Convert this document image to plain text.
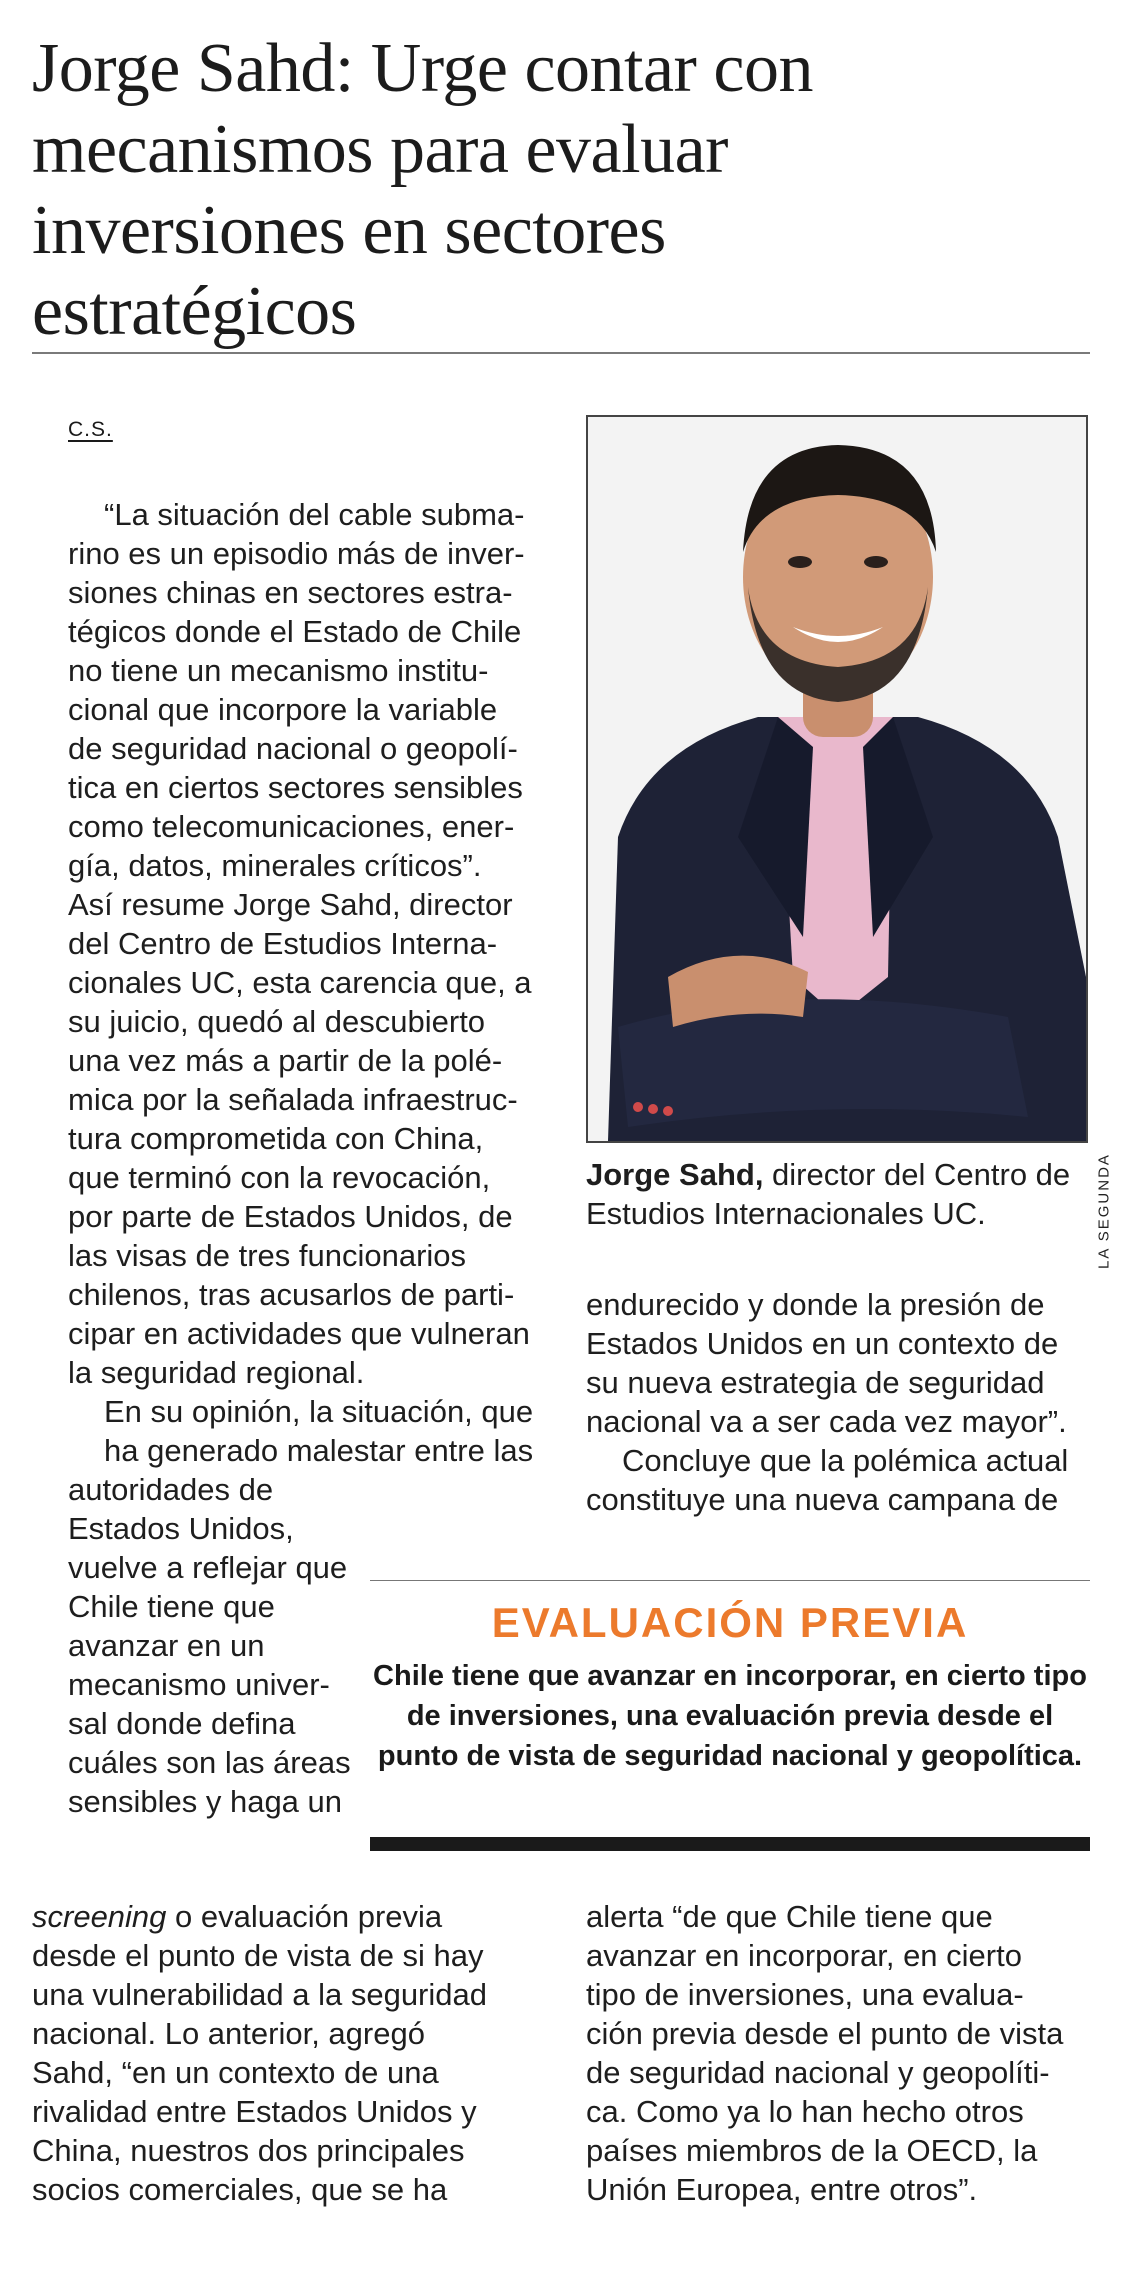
Jorge Sahd: Urge contar con
mecanismos para evaluar
inversiones en sectores
estratégicos
C.S.
“La situación del cable subma-
rino es un episodio más de inver-
siones chinas en sectores estra-
tégicos donde el Estado de Chile
no tiene un mecanismo institu-
cional que incorpore la variable
de seguridad nacional o geopolí-
tica en ciertos sectores sensibles
como telecomunicaciones, ener-
gía, datos, minerales críticos”.
Así resume Jorge Sahd, director
del Centro de Estudios Interna-
cionales UC, esta carencia que, a
su juicio, quedó al descubierto
una vez más a partir de la polé-
mica por la señalada infraestruc-
tura comprometida con China,
que terminó con la revocación,
por parte de Estados Unidos, de
las visas de tres funcionarios
chilenos, tras acusarlos de parti-
cipar en actividades que vulneran
la seguridad regional.
En su opinión, la situación, que
ha generado malestar entre las
autoridades de
Estados Unidos,
vuelve a reflejar que
Chile tiene que
avanzar en un
mecanismo univer-
sal donde defina
cuáles son las áreas
sensibles y haga un
screening o evaluación previa
desde el punto de vista de si hay
una vulnerabilidad a la seguridad
nacional. Lo anterior, agregó
Sahd, “en un contexto de una
rivalidad entre Estados Unidos y
China, nuestros dos principales
socios comerciales, que se ha
LA SEGUNDA
Jorge Sahd, director del Centro de Estudios Internacionales UC.
endurecido y donde la presión de
Estados Unidos en un contexto de
su nueva estrategia de seguridad
nacional va a ser cada vez mayor”.
Concluye que la polémica actual
constituye una nueva campana de
EVALUACIÓN PREVIA
Chile tiene que avanzar en incorporar, en cierto tipo de inversiones, una evaluación previa desde el punto de vista de seguridad nacional y geopolítica.
alerta “de que Chile tiene que
avanzar en incorporar, en cierto
tipo de inversiones, una evalua-
ción previa desde el punto de vista
de seguridad nacional y geopolíti-
ca. Como ya lo han hecho otros
países miembros de la OECD, la
Unión Europea, entre otros”.
